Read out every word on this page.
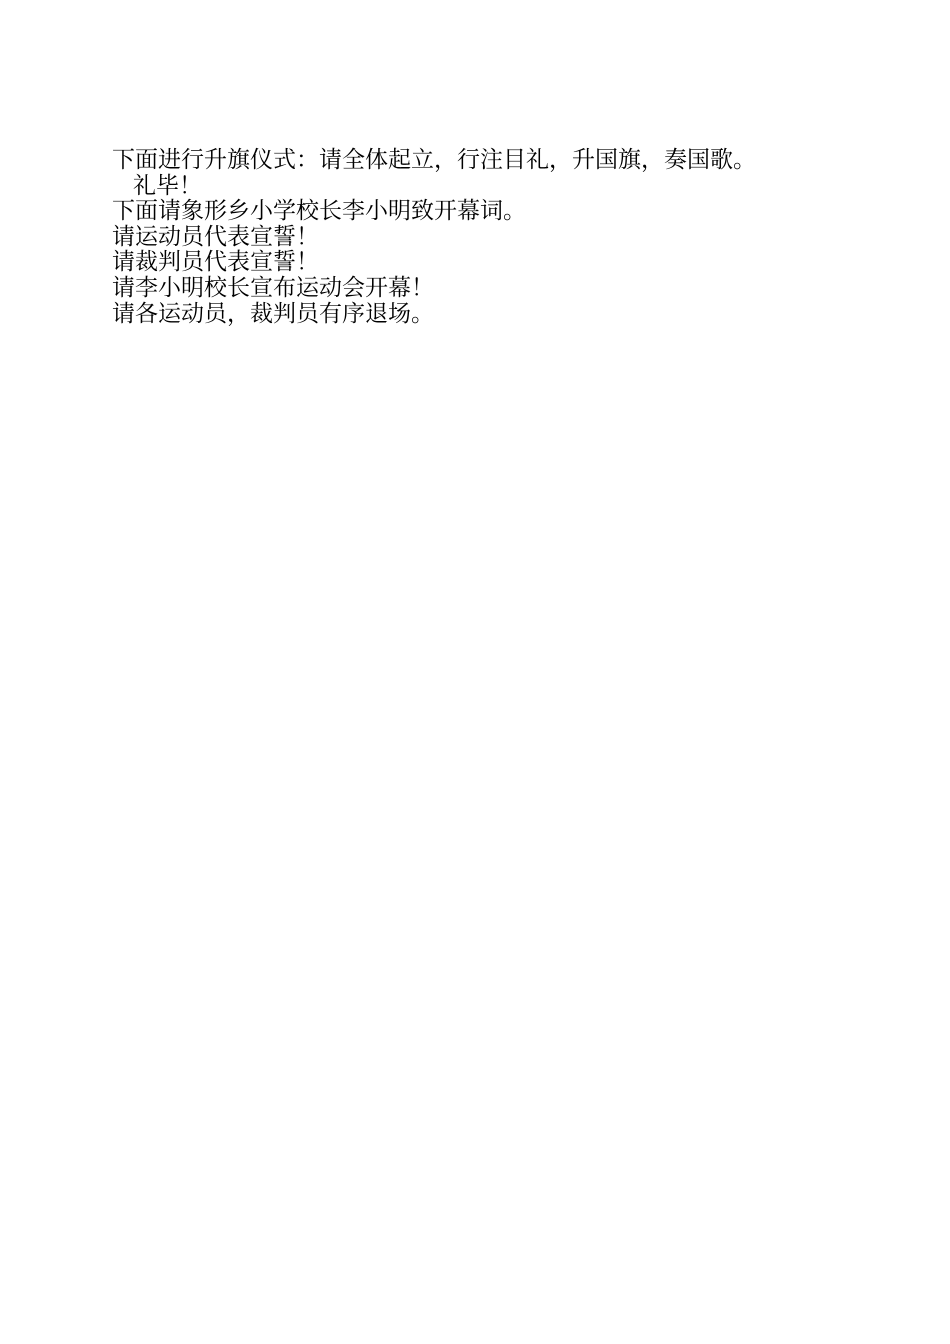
下面进行升旗仪式：请全体起立，行注目礼，升国旗，奏国歌。

礼毕！

下面请象形乡小学校长李小明致开幕词。

请运动员代表宣誓！

请裁判员代表宣誓！

请李小明校长宣布运动会开幕！

请各运动员，裁判员有序退场。
